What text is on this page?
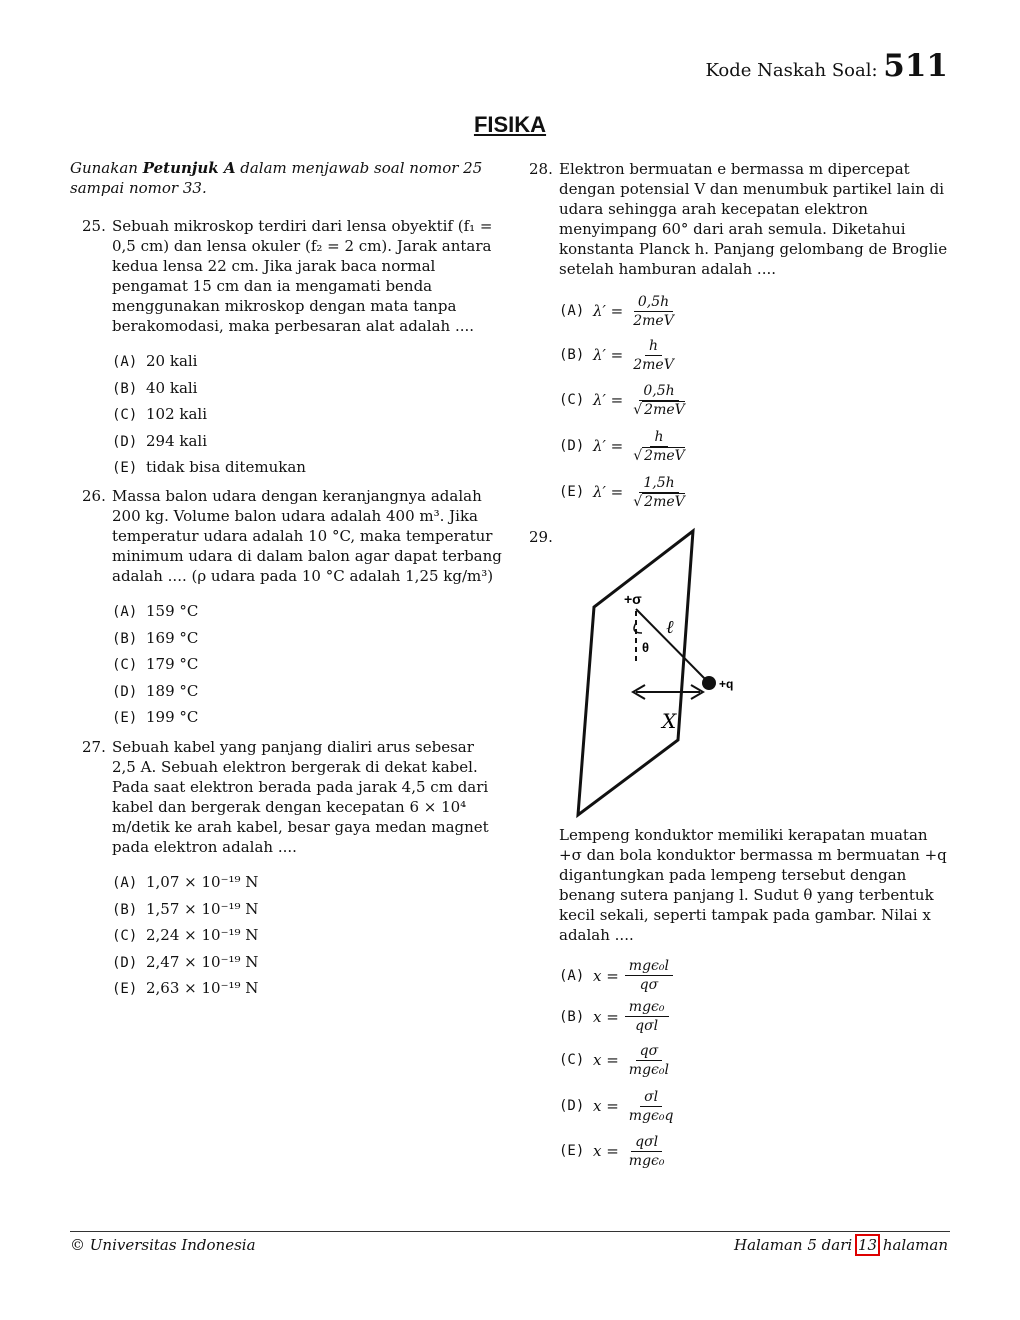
Kode Naskah Soal: 511
FISIKA
Gunakan Petunjuk A dalam menjawab soal nomor 25 sampai nomor 33.
25. Sebuah mikroskop terdiri dari lensa obyektif (f₁ = 0,5 cm) dan lensa okuler (f₂ = 2 cm). Jarak antara kedua lensa 22 cm. Jika jarak baca normal pengamat 15 cm dan ia mengamati benda menggunakan mikroskop dengan mata tanpa berakomodasi, maka perbesaran alat adalah ....
(A) 20 kali
(B) 40 kali
(C) 102 kali
(D) 294 kali
(E) tidak bisa ditemukan
26. Massa balon udara dengan keranjangnya adalah 200 kg. Volume balon udara adalah 400 m³. Jika temperatur udara adalah 10 °C, maka temperatur minimum udara di dalam balon agar dapat terbang adalah .... (ρ udara pada 10 °C adalah 1,25 kg/m³)
(A) 159 °C
(B) 169 °C
(C) 179 °C
(D) 189 °C
(E) 199 °C
27. Sebuah kabel yang panjang dialiri arus sebesar 2,5 A. Sebuah elektron bergerak di dekat kabel. Pada saat elektron berada pada jarak 4,5 cm dari kabel dan bergerak dengan kecepatan 6 × 10⁴ m/detik ke arah kabel, besar gaya medan magnet pada elektron adalah ....
(A) 1,07 × 10⁻¹⁹ N
(B) 1,57 × 10⁻¹⁹ N
(C) 2,24 × 10⁻¹⁹ N
(D) 2,47 × 10⁻¹⁹ N
(E) 2,63 × 10⁻¹⁹ N
28. Elektron bermuatan e bermassa m dipercepat dengan potensial V dan menumbuk partikel lain di udara sehingga arah kecepatan elektron menyimpang 60° dari arah semula. Diketahui konstanta Planck h. Panjang gelombang de Broglie setelah hamburan adalah ....
(A) $\lambda' = \frac{0,5h}{\text{2meV}}$
(B) $\lambda' = \frac{h}{\text{2meV}}$
(C) $\lambda' = \frac{0,5h}{\text{√ 2meV}}$
(D) $\lambda' = \frac{h}{\text{√ 2meV}}$
(E) $\lambda' = \frac{1,5h}{\text{√ 2meV}}$
29.
+σ
θ
ℓ
+q
X
Lempeng konduktor memiliki kerapatan muatan +σ dan bola konduktor bermassa m bermuatan +q digantungkan pada lempeng tersebut dengan benang sutera panjang l. Sudut θ yang terbentuk kecil sekali, seperti tampak pada gambar. Nilai x adalah ....
(A) $x = \frac{\text{mgϵ₀l}}{q\sigma}$
(B) $x = \frac{\text{mgϵ₀}}{\text{qσl}}$
(C) $x = \frac{q\sigma}{\text{mgϵ₀l}}$
(D) $x = \frac{\sigma l}{\text{mgϵ₀q}}$
(E) $x = \frac{\text{qσl}}{\text{mgϵ₀}}$
© Universitas Indonesia	Halaman 5 dari 13 halaman
